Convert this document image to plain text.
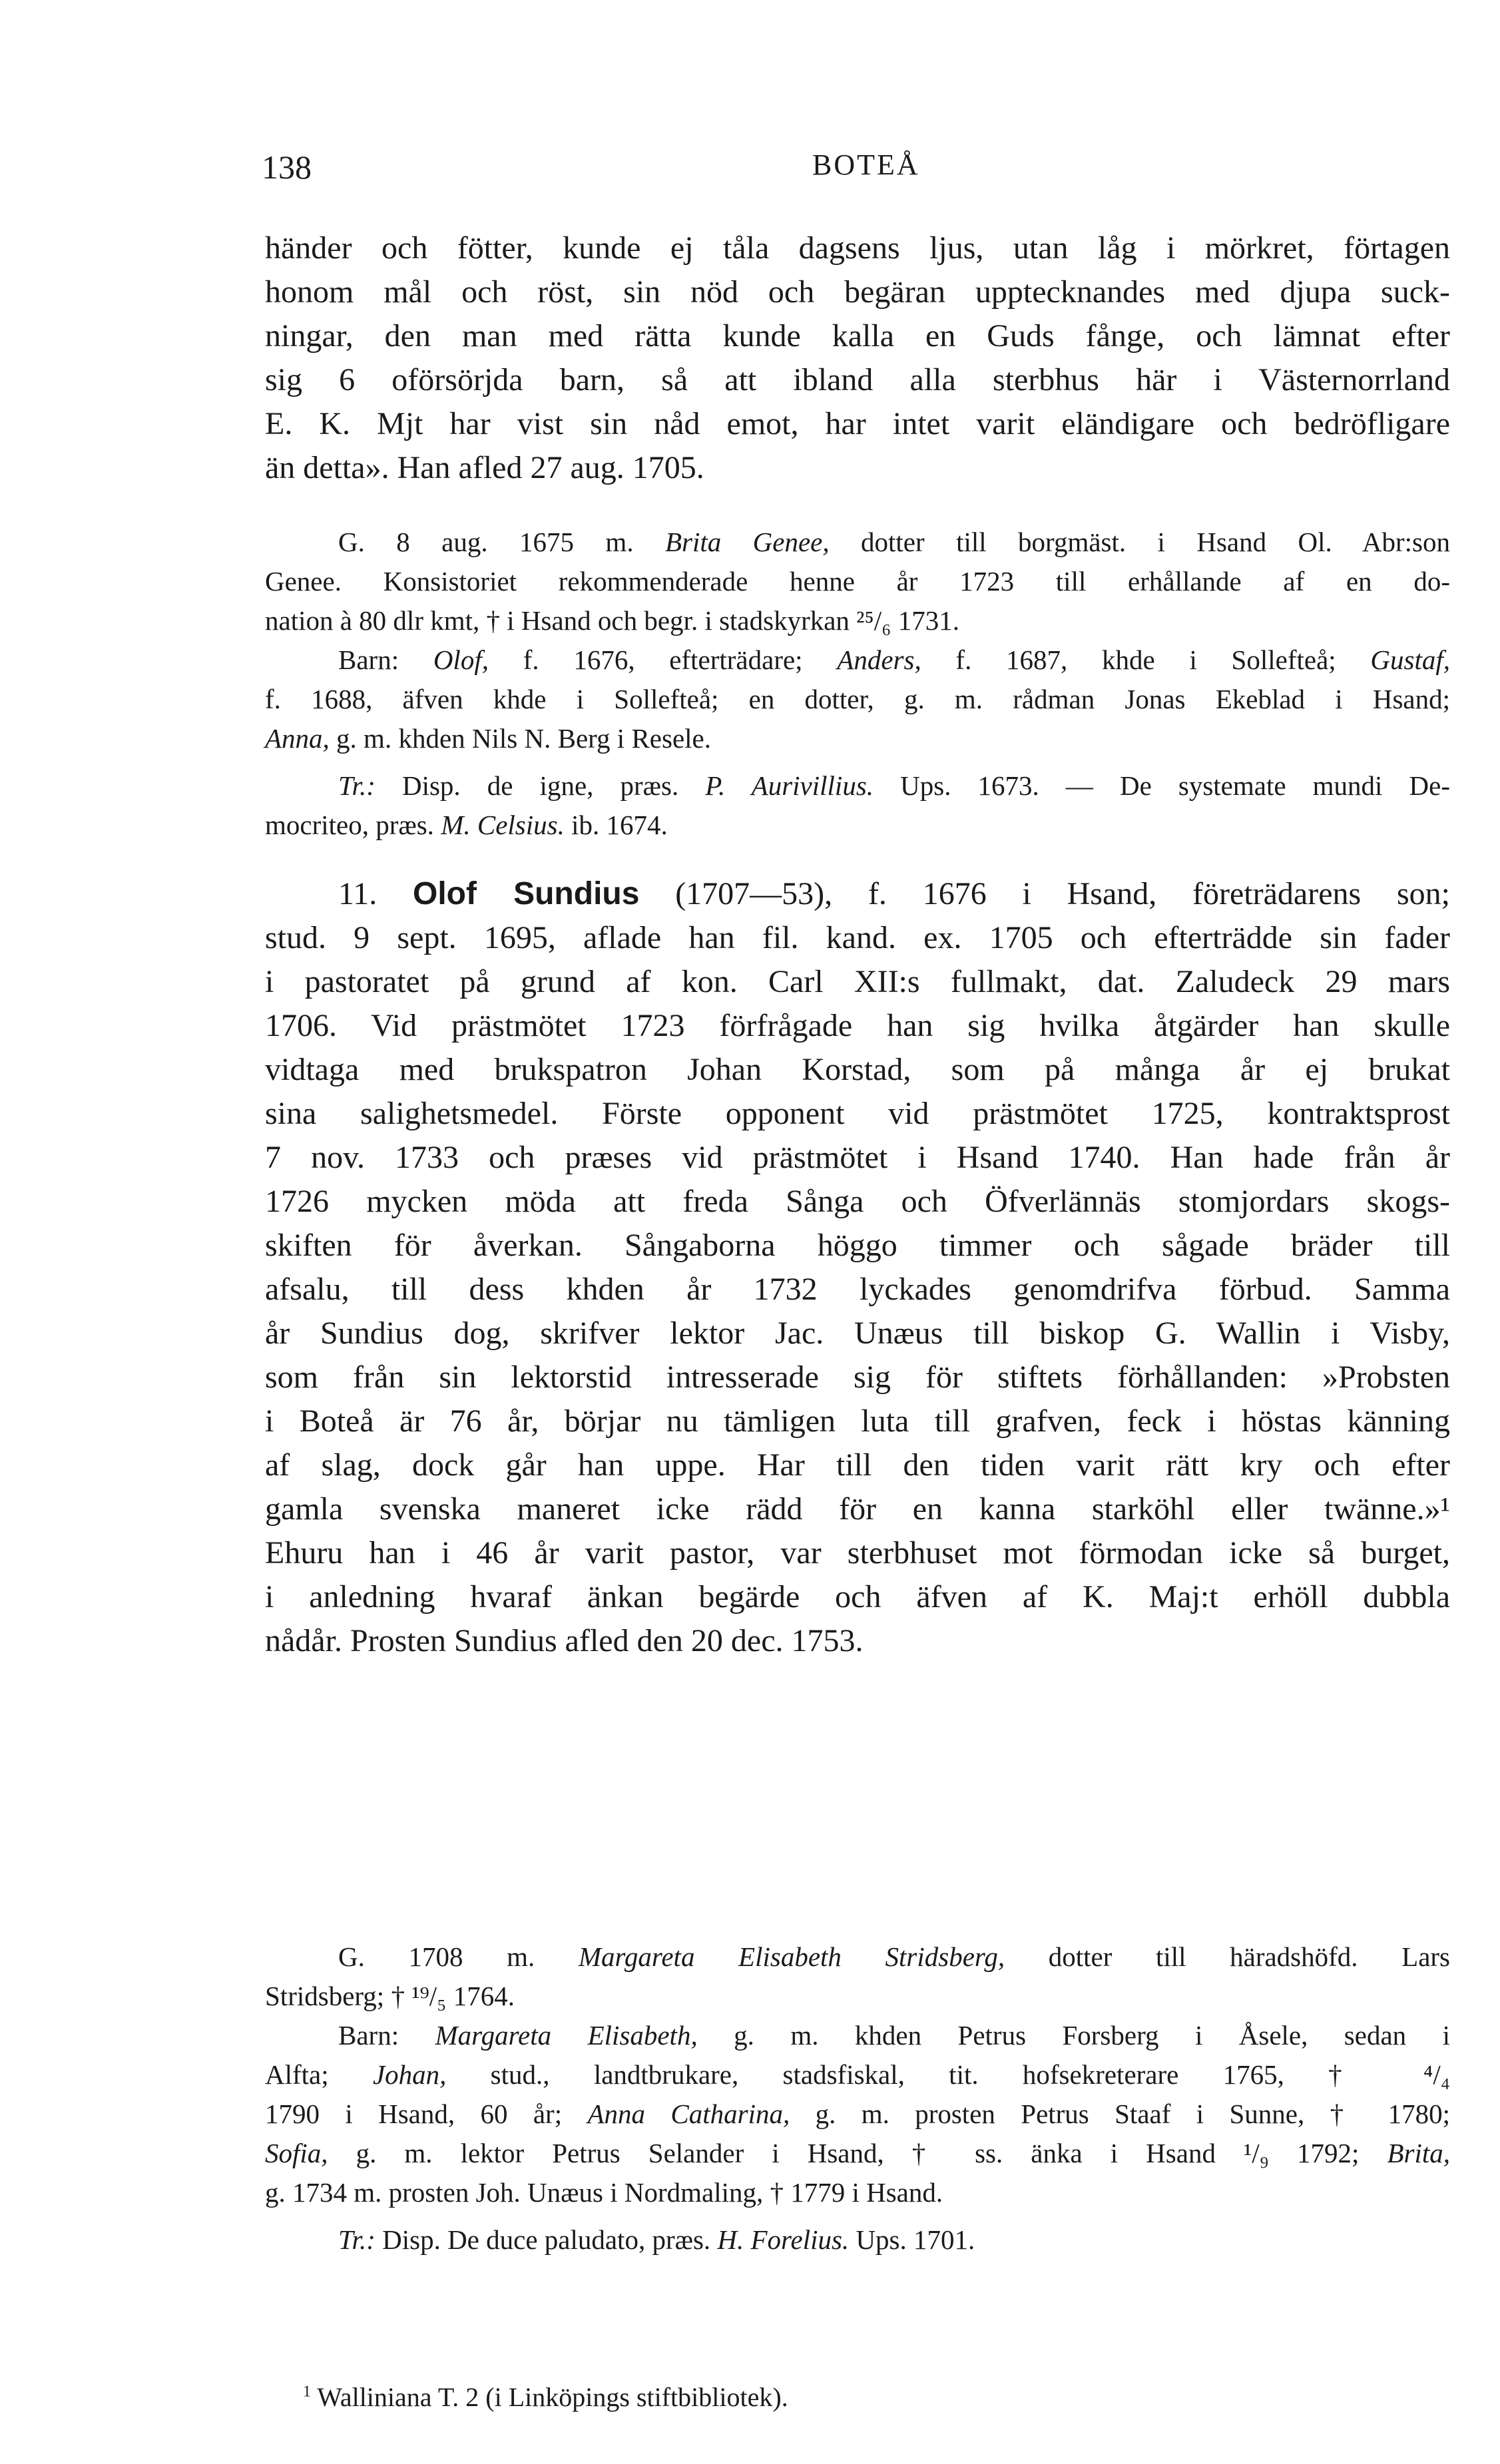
138	BOTEÅ
händer och fötter, kunde ej tåla dagsens ljus, utan låg i mörkret, förtagen
honom mål och röst, sin nöd och begäran upptecknandes med djupa suck-
ningar, den man med rätta kunde kalla en Guds fånge, och lämnat efter
sig 6 oförsörjda barn, så att ibland alla sterbhus här i Västernorrland
E. K. Mjt har vist sin nåd emot, har intet varit eländigare och bedröfligare
än detta». Han afled 27 aug. 1705.
G. 8 aug. 1675 m. Brita Genee, dotter till borgmäst. i Hsand Ol. Abr:son
Genee. Konsistoriet rekommenderade henne år 1723 till erhållande af en do-
nation à 80 dlr kmt, † i Hsand och begr. i stadskyrkan ²⁵/₆ 1731.
Barn: Olof, f. 1676, efterträdare; Anders, f. 1687, khde i Sollefteå; Gustaf,
f. 1688, äfven khde i Sollefteå; en dotter, g. m. rådman Jonas Ekeblad i Hsand;
Anna, g. m. khden Nils N. Berg i Resele.
Tr.: Disp. de igne, præs. P. Aurivillius. Ups. 1673. — De systemate mundi De-
mocriteo, præs. M. Celsius. ib. 1674.
11. Olof Sundius (1707—53), f. 1676 i Hsand, företrädarens son;
stud. 9 sept. 1695, aflade han fil. kand. ex. 1705 och efterträdde sin fader
i pastoratet på grund af kon. Carl XII:s fullmakt, dat. Zaludeck 29 mars
1706. Vid prästmötet 1723 förfrågade han sig hvilka åtgärder han skulle
vidtaga med brukspatron Johan Korstad, som på många år ej brukat
sina salighetsmedel. Förste opponent vid prästmötet 1725, kontraktsprost
7 nov. 1733 och præses vid prästmötet i Hsand 1740. Han hade från år
1726 mycken möda att freda Sånga och Öfverlännäs stomjordars skogs-
skiften för åverkan. Sångaborna höggo timmer och sågade bräder till
afsalu, till dess khden år 1732 lyckades genomdrifva förbud. Samma
år Sundius dog, skrifver lektor Jac. Unæus till biskop G. Wallin i Visby,
som från sin lektorstid intresserade sig för stiftets förhållanden: »Probsten
i Boteå är 76 år, börjar nu tämligen luta till grafven, feck i höstas känning
af slag, dock går han uppe. Har till den tiden varit rätt kry och efter
gamla svenska maneret icke rädd för en kanna starköhl eller twänne.»¹
Ehuru han i 46 år varit pastor, var sterbhuset mot förmodan icke så burget,
i anledning hvaraf änkan begärde och äfven af K. Maj:t erhöll dubbla
nådår. Prosten Sundius afled den 20 dec. 1753.
G. 1708 m. Margareta Elisabeth Stridsberg, dotter till häradshöfd. Lars
Stridsberg; † ¹⁹/₅ 1764.
Barn: Margareta Elisabeth, g. m. khden Petrus Forsberg i Åsele, sedan i
Alfta; Johan, stud., landtbrukare, stadsfiskal, tit. hofsekreterare 1765, † ⁴/₄
1790 i Hsand, 60 år; Anna Catharina, g. m. prosten Petrus Staaf i Sunne, † 1780;
Sofia, g. m. lektor Petrus Selander i Hsand, † ss. änka i Hsand ¹/₉ 1792; Brita,
g. 1734 m. prosten Joh. Unæus i Nordmaling, † 1779 i Hsand.
Tr.: Disp. De duce paludato, præs. H. Forelius. Ups. 1701.
$^1$ Walliniana T. 2 (i Linköpings stiftbibliotek).
